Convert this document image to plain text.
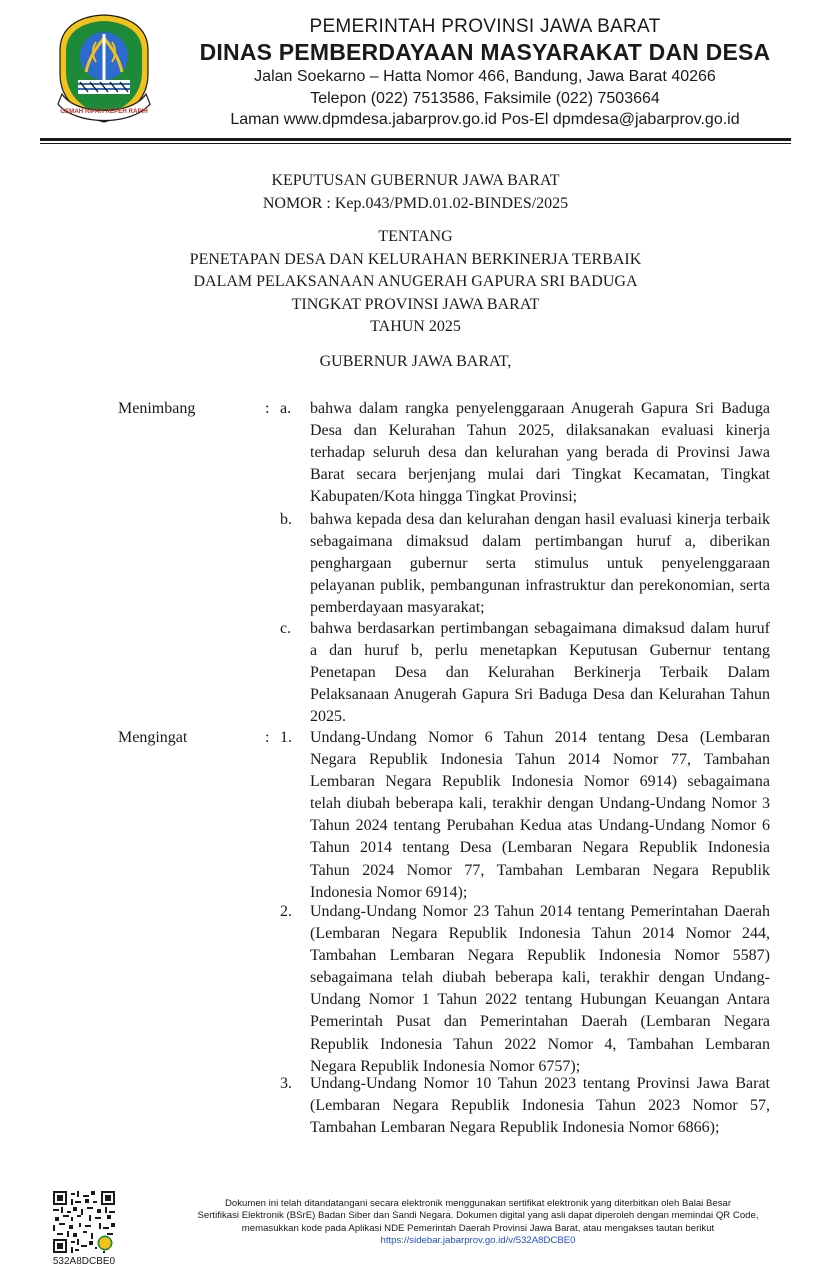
GEMAH RIPAH REPEH RAPIH
PEMERINTAH PROVINSI JAWA BARAT
DINAS PEMBERDAYAAN MASYARAKAT DAN DESA
Jalan Soekarno – Hatta Nomor 466, Bandung, Jawa Barat 40266
Telepon (022) 7513586, Faksimile (022) 7503664
Laman www.dpmdesa.jabarprov.go.id Pos-El dpmdesa@jabarprov.go.id
KEPUTUSAN GUBERNUR JAWA BARAT
NOMOR : Kep.043/PMD.01.02-BINDES/2025
TENTANG
PENETAPAN DESA DAN KELURAHAN BERKINERJA TERBAIK
DALAM PELAKSANAAN ANUGERAH GAPURA SRI BADUGA
TINGKAT PROVINSI JAWA BARAT
TAHUN 2025
GUBERNUR JAWA BARAT,
Menimbang	: a. bahwa dalam rangka penyelenggaraan Anugerah Gapura Sri Baduga
Desa dan Kelurahan Tahun 2025, dilaksanakan evaluasi kinerja
terhadap seluruh desa dan kelurahan yang berada di Provinsi Jawa
Barat secara berjenjang mulai dari Tingkat Kecamatan, Tingkat
Kabupaten/Kota hingga Tingkat Provinsi;
b. bahwa kepada desa dan kelurahan dengan hasil evaluasi kinerja terbaik
sebagaimana dimaksud dalam pertimbangan huruf a, diberikan
penghargaan gubernur serta stimulus untuk penyelenggaraan
pelayanan publik, pembangunan infrastruktur dan perekonomian, serta
pemberdayaan masyarakat;
c. bahwa berdasarkan pertimbangan sebagaimana dimaksud dalam huruf
a dan huruf b, perlu menetapkan Keputusan Gubernur tentang
Penetapan Desa dan Kelurahan Berkinerja Terbaik Dalam
Pelaksanaan Anugerah Gapura Sri Baduga Desa dan Kelurahan Tahun
2025.
Mengingat	: 1. Undang-Undang Nomor 6 Tahun 2014 tentang Desa (Lembaran
Negara Republik Indonesia Tahun 2014 Nomor 77, Tambahan
Lembaran Negara Republik Indonesia Nomor 6914) sebagaimana
telah diubah beberapa kali, terakhir dengan Undang-Undang Nomor 3
Tahun 2024 tentang Perubahan Kedua atas Undang-Undang Nomor 6
Tahun 2014 tentang Desa (Lembaran Negara Republik Indonesia
Tahun 2024 Nomor 77, Tambahan Lembaran Negara Republik
Indonesia Nomor 6914);
2. Undang-Undang Nomor 23 Tahun 2014 tentang Pemerintahan Daerah
(Lembaran Negara Republik Indonesia Tahun 2014 Nomor 244,
Tambahan Lembaran Negara Republik Indonesia Nomor 5587)
sebagaimana telah diubah beberapa kali, terakhir dengan Undang-
Undang Nomor 1 Tahun 2022 tentang Hubungan Keuangan Antara
Pemerintah Pusat dan Pemerintahan Daerah (Lembaran Negara
Republik Indonesia Tahun 2022 Nomor 4, Tambahan Lembaran
Negara Republik Indonesia Nomor 6757);
3. Undang-Undang Nomor 10 Tahun 2023 tentang Provinsi Jawa Barat
(Lembaran Negara Republik Indonesia Tahun 2023 Nomor 57,
Tambahan Lembaran Negara Republik Indonesia Nomor 6866);
532A8DCBE0
Dokumen ini telah ditandatangani secara elektronik menggunakan sertifikat elektronik yang diterbitkan oleh Balai Besar
Sertifikasi Elektronik (BSrE) Badan Siber dan Sandi Negara. Dokumen digital yang asli dapat diperoleh dengan memindai QR Code,
memasukkan kode pada Aplikasi NDE Pemerintah Daerah Provinsi Jawa Barat, atau mengakses tautan berikut
https://sidebar.jabarprov.go.id/v/532A8DCBE0
